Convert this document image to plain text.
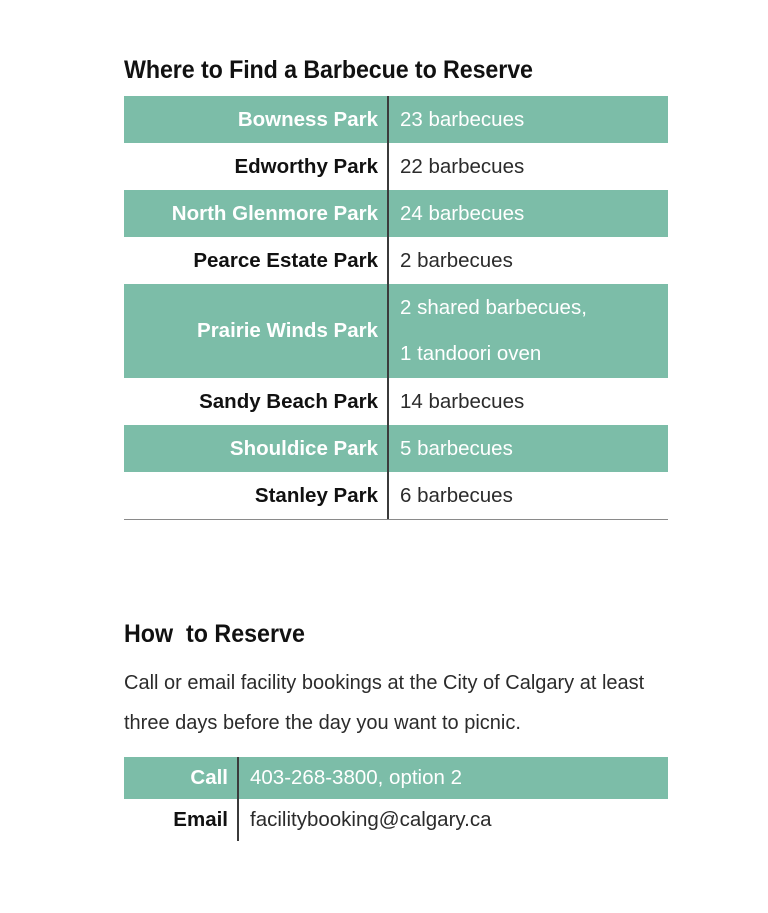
Where to Find a Barbecue to Reserve
Bowness Park	23 barbecues

Edworthy Park	22 barbecues

North Glenmore Park	24 barbecues

Pearce Estate Park	2 barbecues

Prairie Winds Park	2 shared barbecues,
1 tandoori oven

Sandy Beach Park	14 barbecues

Shouldice Park	5 barbecues

Stanley Park	6 barbecues
How  to Reserve

Call or email facility bookings at the City of Calgary at least three days before the day you want to picnic.

Call	403-268-3800, option 2
Email	facilitybooking@calgary.ca
